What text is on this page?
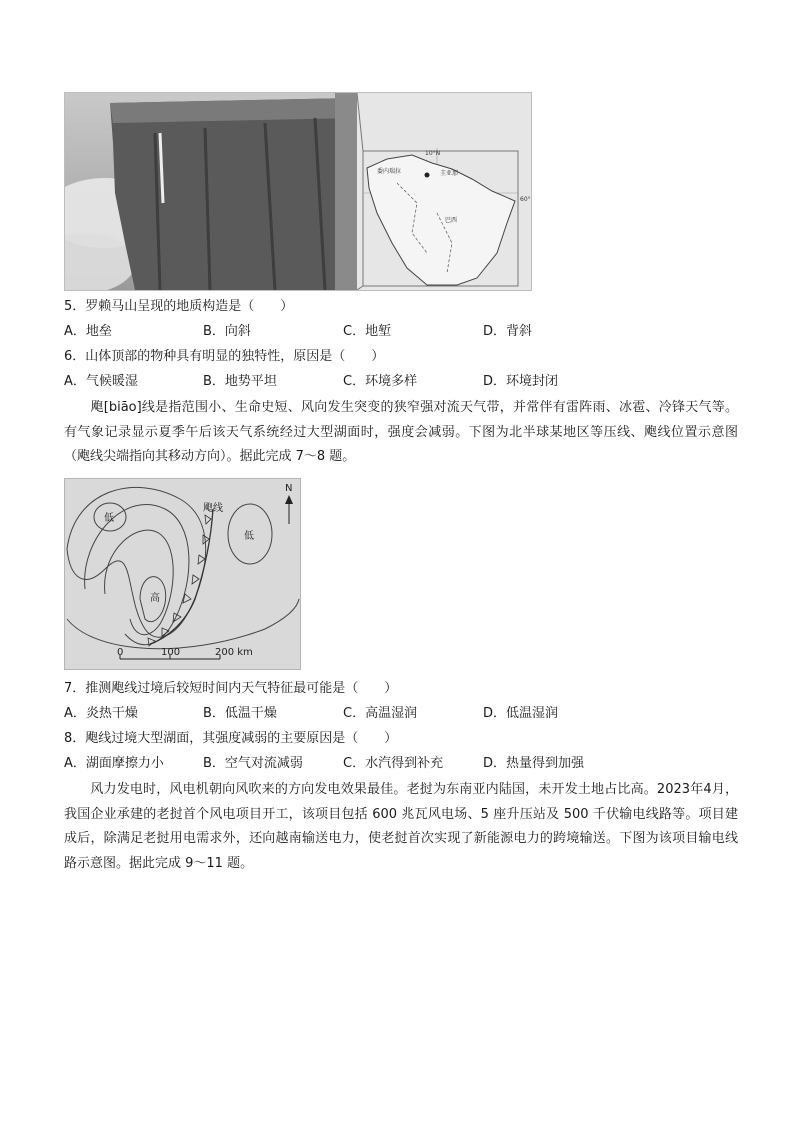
10°N
委内瑞拉	圭亚那
巴西
60°
5．罗赖马山呈现的地质构造是（　　）
A．地垒	B．向斜	C．地堑	D．背斜
6．山体顶部的物种具有明显的独特性，原因是（　　）
A．气候暖湿	B．地势平坦	C．环境多样	D．环境封闭
　　飑[biāo]线是指范围小、生命史短、风向发生突变的狭窄强对流天气带，并常伴有雷阵雨、冰雹、冷锋天气等。有气象记录显示夏季午后该天气系统经过大型湖面时，强度会减弱。下图为北半球某地区等压线、飑线位置示意图（飑线尖端指向其移动方向）。据此完成 7～8 题。
低
低
高
飑线
N
0	100	200 km
7．推测飑线过境后较短时间内天气特征最可能是（　　）
A．炎热干燥	B．低温干燥	C．高温湿润	D．低温湿润
8．飑线过境大型湖面，其强度减弱的主要原因是（　　）
A．湖面摩擦力小	B．空气对流减弱	C．水汽得到补充	D．热量得到加强
　　风力发电时，风电机朝向风吹来的方向发电效果最佳。老挝为东南亚内陆国，未开发土地占比高。2023年4月，我国企业承建的老挝首个风电项目开工，该项目包括 600 兆瓦风电场、5 座升压站及 500 千伏输电线路等。项目建成后，除满足老挝用电需求外，还向越南输送电力，使老挝首次实现了新能源电力的跨境输送。下图为该项目输电线路示意图。据此完成 9～11 题。
